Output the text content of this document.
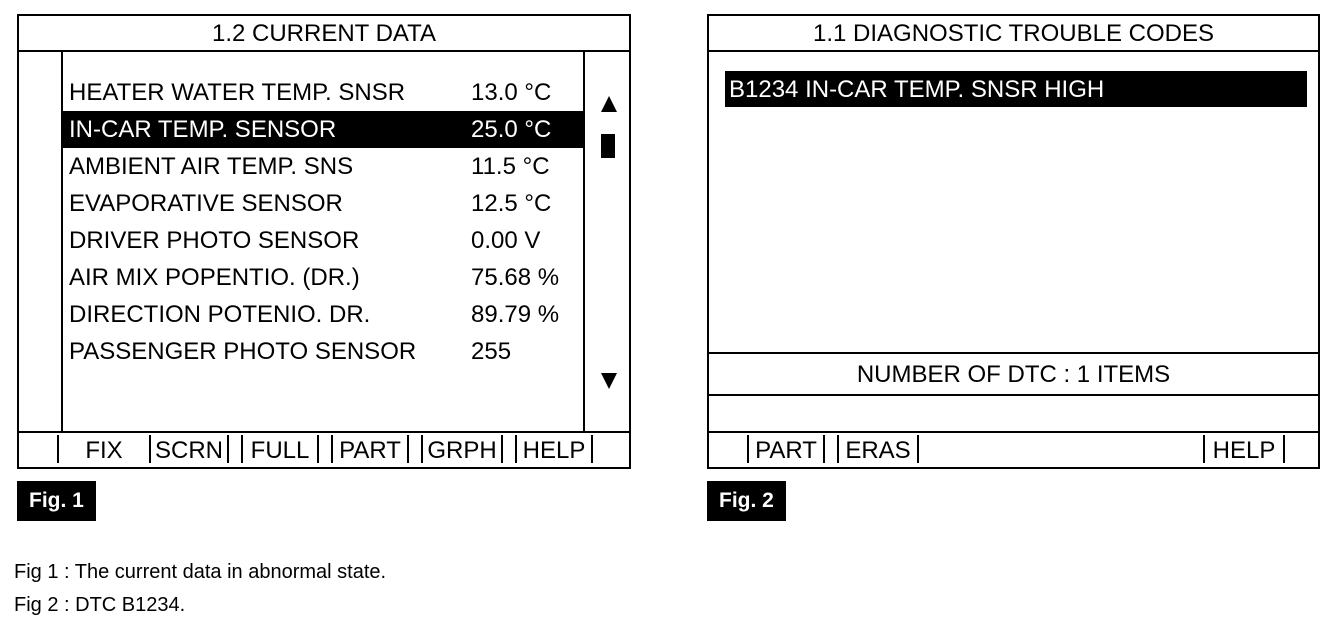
1.2 CURRENT DATA
HEATER WATER TEMP. SNSR	13.0 °C
IN-CAR TEMP. SENSOR	25.0 °C
AMBIENT AIR TEMP. SNS	11.5 °C
EVAPORATIVE SENSOR	12.5 °C
DRIVER PHOTO SENSOR	0.00 V
AIR MIX POPENTIO. (DR.)	75.68 %
DIRECTION POTENIO. DR.	89.79 %
PASSENGER PHOTO SENSOR 255
FIX	SCRN	FULL	PART	GRPH	HELP
Fig. 1
1.1 DIAGNOSTIC TROUBLE CODES
B1234 IN-CAR TEMP. SNSR HIGH
NUMBER OF DTC : 1 ITEMS
PART	ERAS	HELP
Fig. 2
Fig 1 : The current data in abnormal state.
Fig 2 : DTC B1234.
